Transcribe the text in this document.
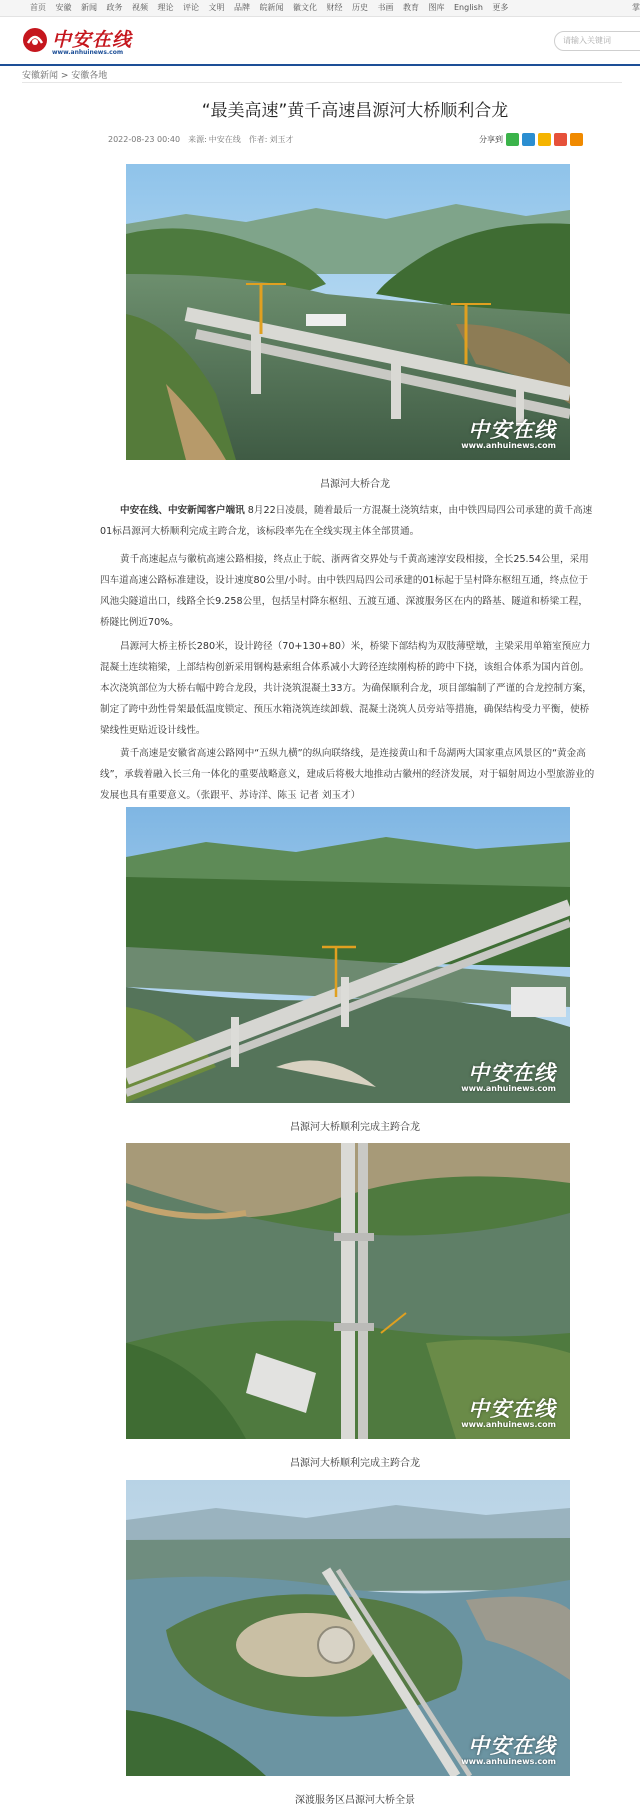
首页 安徽 新闻 政务 视频 理论 评论 文明 品牌 皖新闻 徽文化 财经 历史 书画 教育 图库 English 更多	掌
中安在线
www.anhuinews.com
请输入关键词
安徽新闻 > 安徽各地
“最美高速”黄千高速昌源河大桥顺利合龙
2022-08-23 00:40 来源: 中安在线 作者: 刘玉才	分享到
中安在线
www.anhuinews.com
昌源河大桥合龙

中安在线、中安新闻客户端讯 8月22日凌晨，随着最后一方混凝土浇筑结束，由中铁四局四公司承建的黄千高速01标昌源河大桥顺利完成主跨合龙，该标段率先在全线实现主体全部贯通。

黄千高速起点与徽杭高速公路相接，终点止于皖、浙两省交界处与千黄高速淳安段相接，全长25.54公里，采用四车道高速公路标准建设，设计速度80公里/小时。由中铁四局四公司承建的01标起于呈村降东枢纽互通，终点位于风池尖隧道出口，线路全长9.258公里，包括呈村降东枢纽、五渡互通、深渡服务区在内的路基、隧道和桥梁工程，桥隧比例近70%。

昌源河大桥主桥长280米，设计跨径（70+130+80）米，桥梁下部结构为双肢薄壁墩，主梁采用单箱室预应力混凝土连续箱梁，上部结构创新采用钢构悬索组合体系减小大跨径连续刚构桥的跨中下挠，该组合体系为国内首创。本次浇筑部位为大桥右幅中跨合龙段，共计浇筑混凝土33方。为确保顺利合龙，项目部编制了严谨的合龙控制方案，制定了跨中劲性骨架最低温度锁定、预压水箱浇筑连续卸载、混凝土浇筑人员旁站等措施，确保结构受力平衡，使桥梁线性更贴近设计线性。

黄千高速是安徽省高速公路网中“五纵九横”的纵向联络线，是连接黄山和千岛湖两大国家重点风景区的“黄金高线”，承载着融入长三角一体化的重要战略意义，建成后将极大地推动古徽州的经济发展，对于辐射周边小型旅游业的发展也具有重要意义。（张跟平、苏诗洋、陈玉 记者 刘玉才）

中安在线
www.anhuinews.com
昌源河大桥顺利完成主跨合龙
中安在线
www.anhuinews.com
昌源河大桥顺利完成主跨合龙
中安在线
www.anhuinews.com
深渡服务区昌源河大桥全景
